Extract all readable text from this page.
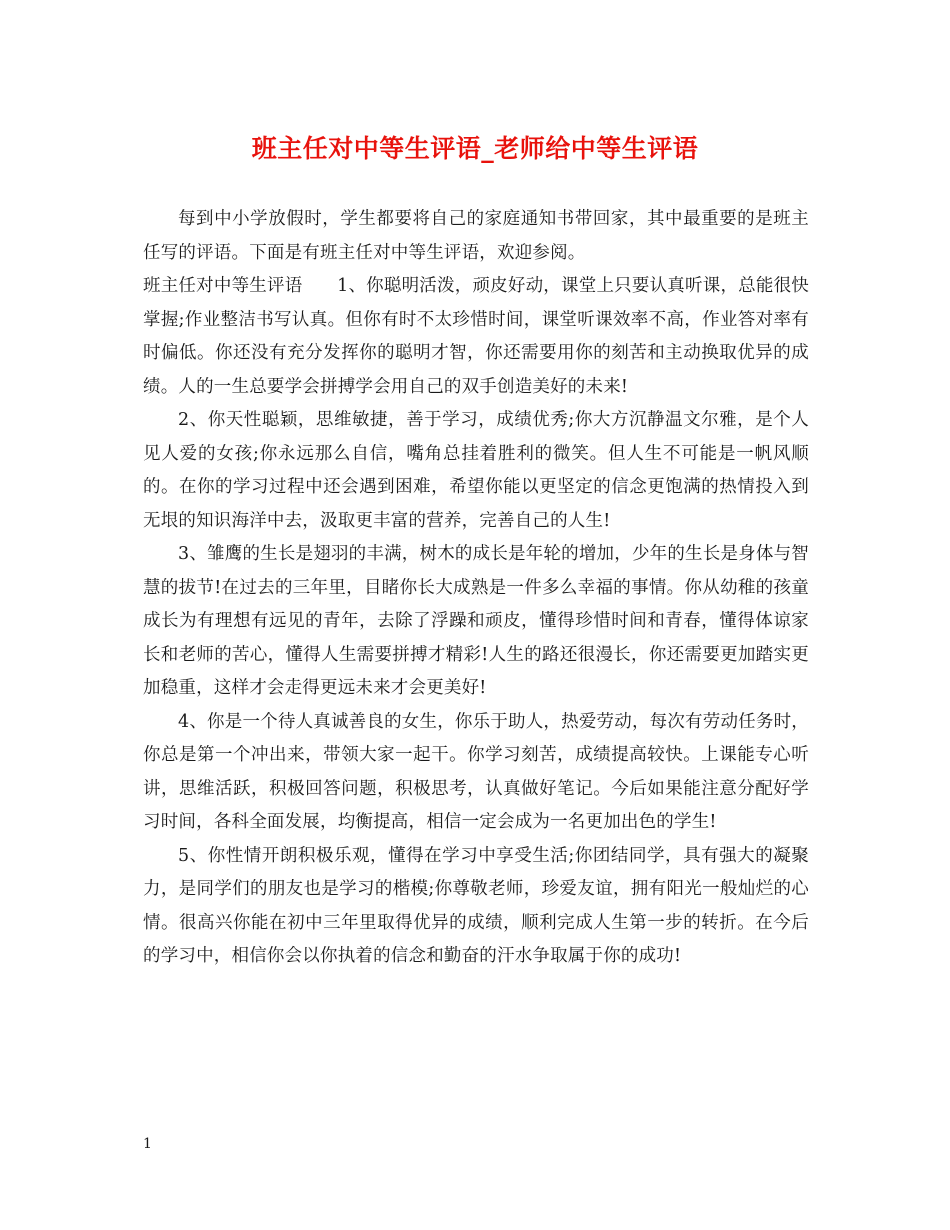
班主任对中等生评语_老师给中等生评语

每到中小学放假时，学生都要将自己的家庭通知书带回家，其中最重要的是班主任写的评语。下面是有班主任对中等生评语，欢迎参阅。

班主任对中等生评语 1、你聪明活泼，顽皮好动，课堂上只要认真听课，总能很快掌握;作业整洁书写认真。但你有时不太珍惜时间，课堂听课效率不高，作业答对率有时偏低。你还没有充分发挥你的聪明才智，你还需要用你的刻苦和主动换取优异的成绩。人的一生总要学会拼搏学会用自己的双手创造美好的未来!

2、你天性聪颖，思维敏捷，善于学习，成绩优秀;你大方沉静温文尔雅，是个人见人爱的女孩;你永远那么自信，嘴角总挂着胜利的微笑。但人生不可能是一帆风顺的。在你的学习过程中还会遇到困难，希望你能以更坚定的信念更饱满的热情投入到无垠的知识海洋中去，汲取更丰富的营养，完善自己的人生!

3、雏鹰的生长是翅羽的丰满，树木的成长是年轮的增加，少年的生长是身体与智慧的拔节!在过去的三年里，目睹你长大成熟是一件多么幸福的事情。你从幼稚的孩童成长为有理想有远见的青年，去除了浮躁和顽皮，懂得珍惜时间和青春，懂得体谅家长和老师的苦心，懂得人生需要拼搏才精彩!人生的路还很漫长，你还需要更加踏实更加稳重，这样才会走得更远未来才会更美好!

4、你是一个待人真诚善良的女生，你乐于助人，热爱劳动，每次有劳动任务时，你总是第一个冲出来，带领大家一起干。你学习刻苦，成绩提高较快。上课能专心听讲，思维活跃，积极回答问题，积极思考，认真做好笔记。今后如果能注意分配好学习时间，各科全面发展，均衡提高，相信一定会成为一名更加出色的学生!

5、你性情开朗积极乐观，懂得在学习中享受生活;你团结同学，具有强大的凝聚力，是同学们的朋友也是学习的楷模;你尊敬老师，珍爱友谊，拥有阳光一般灿烂的心情。很高兴你能在初中三年里取得优异的成绩，顺利完成人生第一步的转折。在今后的学习中，相信你会以你执着的信念和勤奋的汗水争取属于你的成功!

1
